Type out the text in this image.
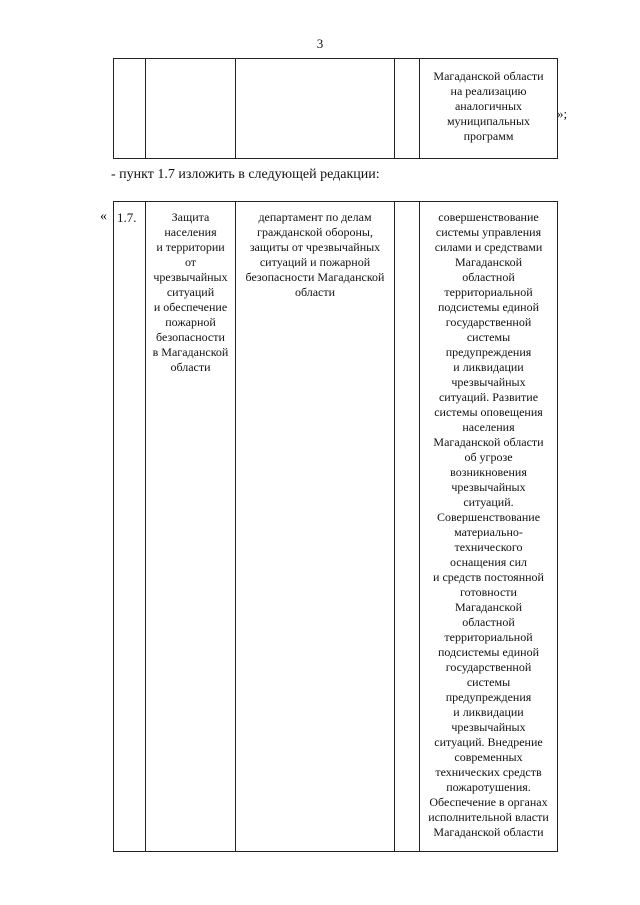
3
				Магаданской области
на реализацию
аналогичных
муниципальных
программ
»;
- пункт 1.7 изложить в следующей редакции:
« 1.7.	Защита
населения
и территории
от
чрезвычайных
ситуаций
и обеспечение
пожарной
безопасности
в Магаданской
области	департамент по делам
гражданской обороны,
защиты от чрезвычайных
ситуаций и пожарной
безопасности Магаданской
области		совершенствование
системы управления
силами и средствами
Магаданской
областной
территориальной
подсистемы единой
государственной
системы
предупреждения
и ликвидации
чрезвычайных
ситуаций. Развитие
системы оповещения
населения
Магаданской области
об угрозе
возникновения
чрезвычайных
ситуаций.
Совершенствование
материально-
технического
оснащения сил
и средств постоянной
готовности
Магаданской
областной
территориальной
подсистемы единой
государственной
системы
предупреждения
и ликвидации
чрезвычайных
ситуаций. Внедрение
современных
технических средств
пожаротушения.
Обеспечение в органах
исполнительной власти
Магаданской области
